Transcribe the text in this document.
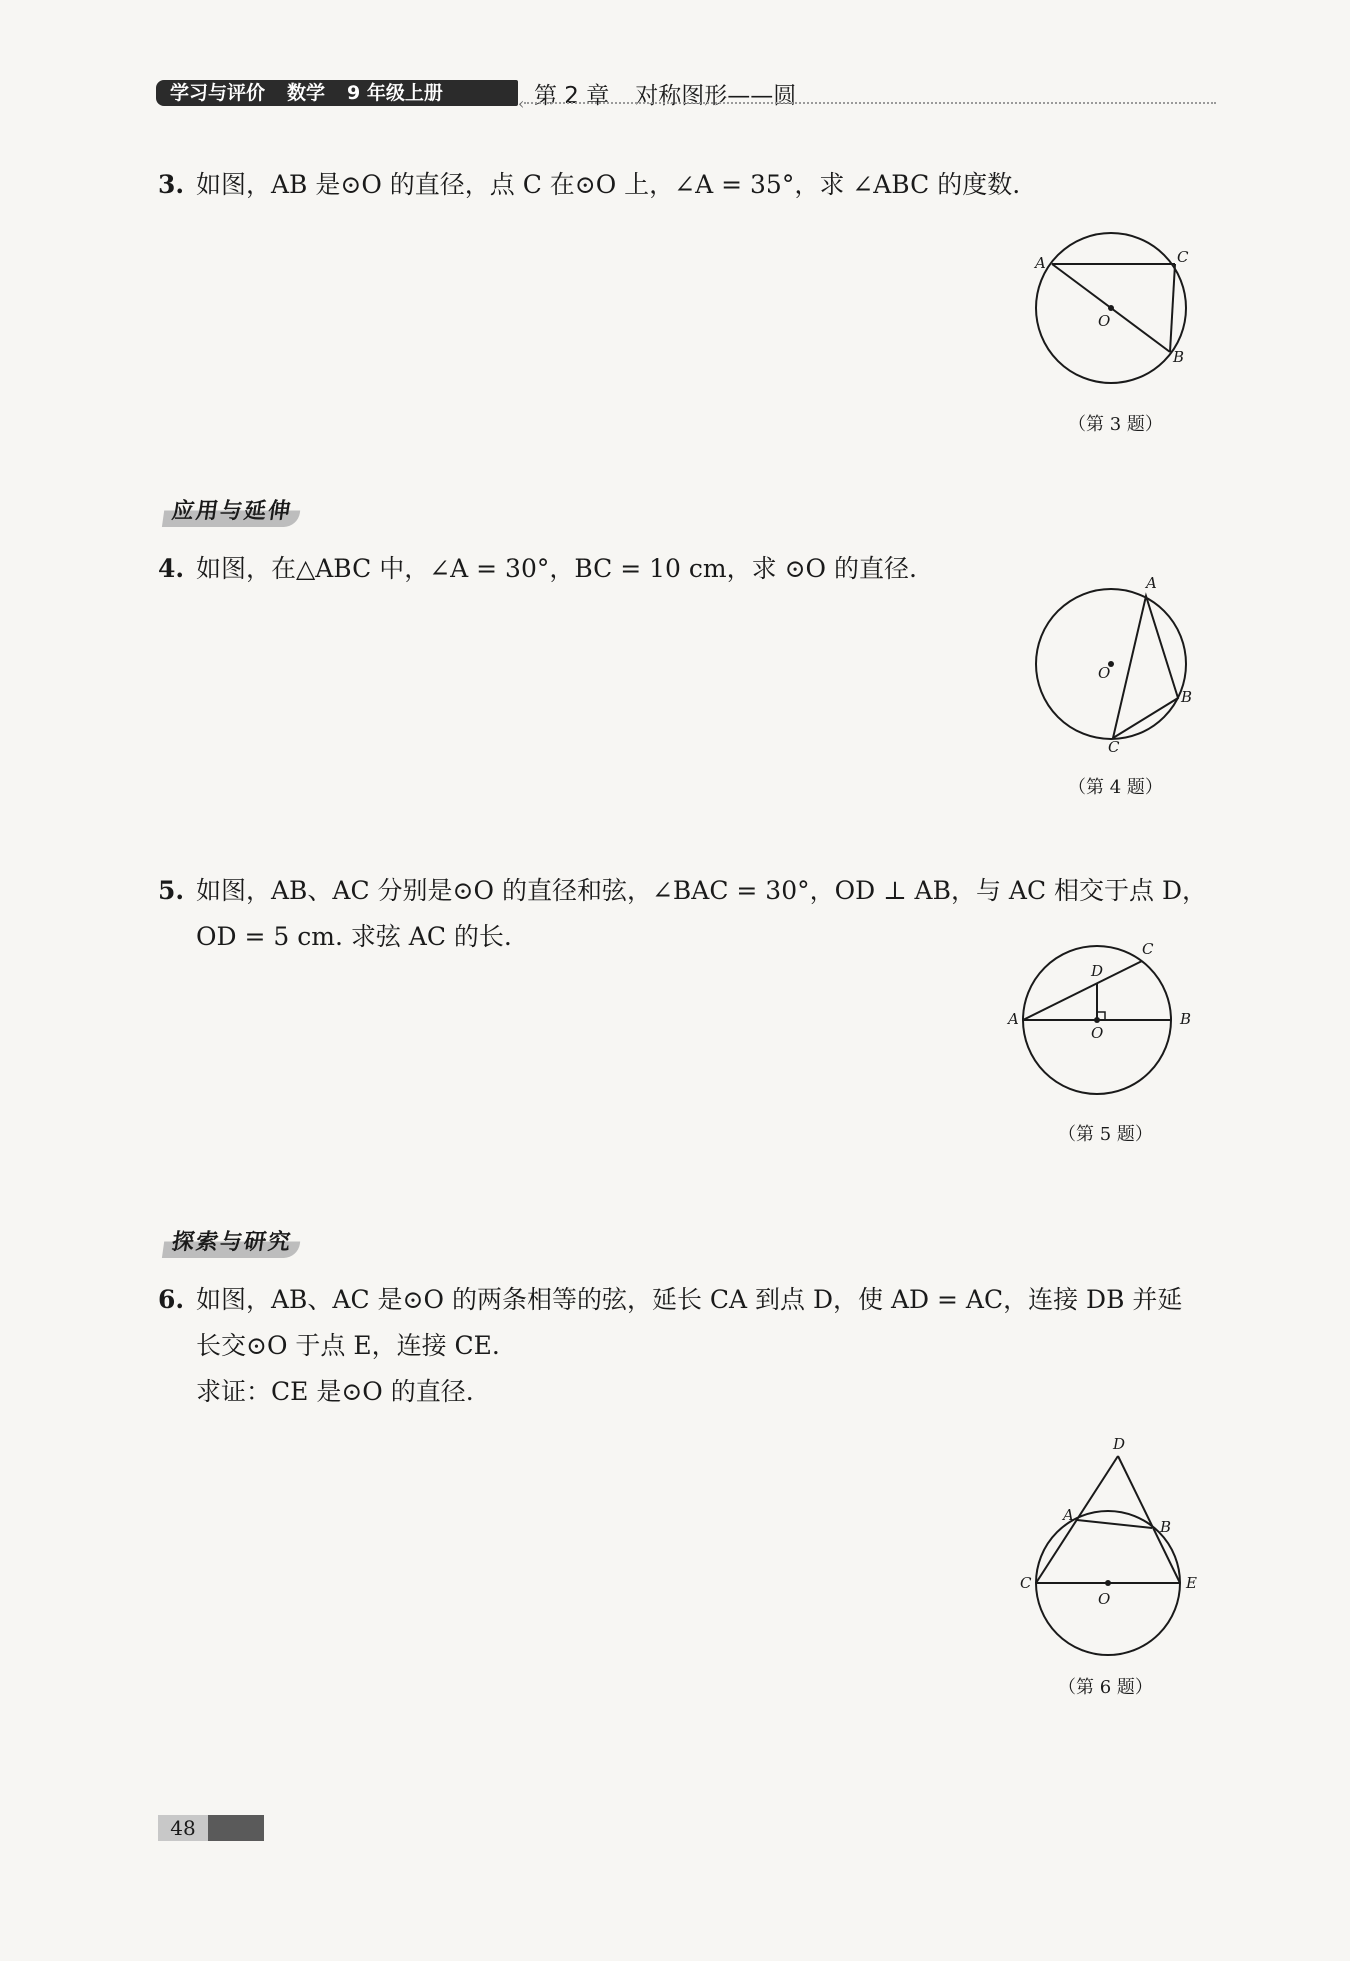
学习与评价 数学 9 年级上册	‹ 第 2 章 对称图形——圆
3. 如图，AB 是⊙O 的直径，点 C 在⊙O 上，∠A = 35°，求 ∠ABC 的度数.
A	C
B
O
（第 3 题）
应用与延伸
4. 如图，在△ABC 中，∠A = 30°，BC = 10 cm，求 ⊙O 的直径.	A
B
C
O
（第 4 题）
5. 如图，AB、AC 分别是⊙O 的直径和弦，∠BAC = 30°，OD ⊥ AB，与 AC 相交于点 D，
OD = 5 cm. 求弦 AC 的长.
A	B
C
D
O
（第 5 题）
探索与研究
6. 如图，AB、AC 是⊙O 的两条相等的弦，延长 CA 到点 D，使 AD = AC，连接 DB 并延
长交⊙O 于点 E，连接 CE.
求证：CE 是⊙O 的直径.
D
A
B
C	E
O
（第 6 题）
48
